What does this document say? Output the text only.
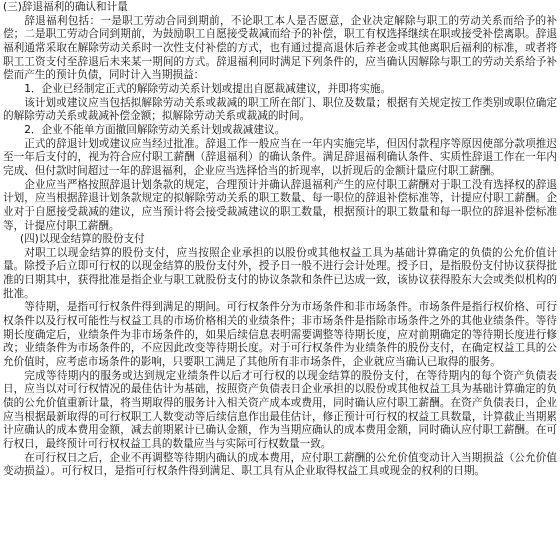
(三)辞退福利的确认和计量

辞退福利包括：一是职工劳动合同到期前，不论职工本人是否愿意，企业决定解除与职工的劳动关系而给予的补偿；二是职工劳动合同到期前，为鼓励职工自愿接受裁减而给予的补偿，职工有权选择继续在职或接受补偿离职。辞退福利通常采取在解除劳动关系时一次性支付补偿的方式，也有通过提高退休后养老金或其他离职后福利的标准，或者将职工工资支付至辞退后未来某一期间的方式。辞退福利同时满足下列条件的，应当确认因解除与职工的劳动关系给予补偿而产生的预计负债，同时计入当期损益：

1．企业已经制定正式的解除劳动关系计划或提出自愿裁减建议，并即将实施。

该计划或建议应当包括拟解除劳动关系或裁减的职工所在部门、职位及数量；根据有关规定按工作类别或职位确定的解除劳动关系或裁减补偿金额；拟解除劳动关系或裁减的时间。

2．企业不能单方面撤回解除劳动关系计划或裁减建议。

正式的辞退计划或建议应当经过批准。辞退工作一般应当在一年内实施完毕，但因付款程序等原因使部分款项推迟至一年后支付的，视为符合应付职工薪酬（辞退福利）的确认条件。满足辞退福利确认条件、实质性辞退工作在一年内完成、但付款时间超过一年的辞退福利，企业应当选择恰当的折现率，以折现后的金额计量应付职工薪酬。

企业应当严格按照辞退计划条款的规定，合理预计并确认辞退福利产生的应付职工薪酬对于职工没有选择权的辞退计划，应当根据辞退计划条款规定的拟解除劳动关系的职工数量、每一职位的辞退补偿标准等，计提应付职工薪酬。企业对于自愿接受裁减的建议，应当预计将会接受裁减建议的职工数量，根据预计的职工数量和每一职位的辞退补偿标准等，计提应付职工薪酬。

(四)以现金结算的股份支付

对职工以现金结算的股份支付，应当按照企业承担的以股份或其他权益工具为基础计算确定的负债的公允价值计量。除授予后立即可行权的以现金结算的股份支付外，授予日一般不进行会计处理。授予日，是指股份支付协议获得批准的日期其中，获得批准是指企业与职工就股份支付的协议条款和条件已达成一致，该协议获得股东大会或类似机构的批准。

等待期，是指可行权条件得到满足的期间。可行权条件分为市场条件和非市场条件。市场条件是指行权价格、可行权条件以及行权可能性与权益工具的市场价格相关的业绩条件；非市场条件是指除市场条件之外的其他业绩条件。等待期长度确定后，业绩条件为非市场条件的，如果后续信息表明需要调整等待期长度，应对前期确定的等待期长度进行修改；业绩条件为市场条件的，不应因此改变等待期长度。对于可行权条件为业绩条件的股份支付，在确定权益工具的公允价值时，应考虑市场条件的影响，只要职工满足了其他所有非市场条件，企业就应当确认已取得的服务。

完成等待期内的服务或达到规定业绩条件以后才可行权的以现金结算的股份支付，在等待期内的每个资产负债表日，应当以对可行权情况的最佳估计为基础，按照资产负债表日企业承担的以股份或其他权益工具为基础计算确定的负债的公允价值重新计量，将当期取得的服务计入相关资产成本或费用，同时确认应付职工薪酬。在资产负债表日，企业应当根据最新取得的可行权职工人数变动等后续信息作出最佳估计，修正预计可行权的权益工具数量，计算截止当期累计应确认的成本费用金额，减去前期累计已确认金额，作为当期应确认的成本费用金额，同时确认应付职工薪酬。在可行权日，最终预计可行权权益工具的数量应当与实际可行权数量一致。

在可行权日之后，企业不再调整等待期内确认的成本费用，应付职工薪酬的公允价值变动计入当期损益（公允价值变动损益）。可行权日，是指可行权条件得到满足、职工具有从企业取得权益工具或现金的权利的日期。
